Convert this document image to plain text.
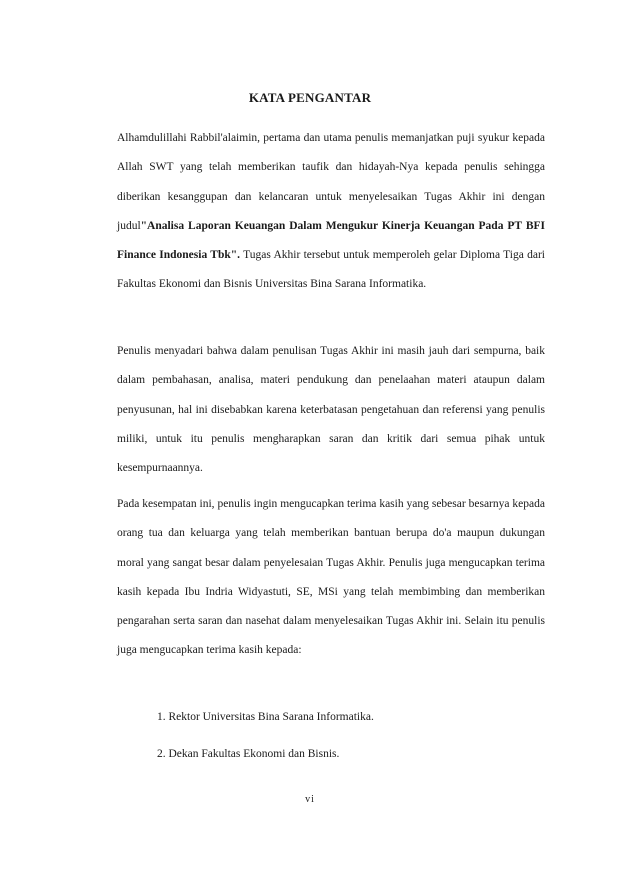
KATA PENGANTAR

Alhamdulillahi Rabbil'alaimin, pertama dan utama penulis memanjatkan puji syukur kepada Allah SWT yang telah memberikan taufik dan hidayah-Nya kepada penulis sehingga diberikan kesanggupan dan kelancaran untuk menyelesaikan Tugas Akhir ini dengan judul"Analisa Laporan Keuangan Dalam Mengukur Kinerja Keuangan Pada PT BFI Finance Indonesia Tbk". Tugas Akhir tersebut untuk memperoleh gelar Diploma Tiga dari Fakultas Ekonomi dan Bisnis Universitas Bina Sarana Informatika.

Penulis menyadari bahwa dalam penulisan Tugas Akhir ini masih jauh dari sempurna, baik dalam pembahasan, analisa, materi pendukung dan penelaahan materi ataupun dalam penyusunan, hal ini disebabkan karena keterbatasan pengetahuan dan referensi yang penulis miliki, untuk itu penulis mengharapkan saran dan kritik dari semua pihak untuk kesempurnaannya.

Pada kesempatan ini, penulis ingin mengucapkan terima kasih yang sebesar besarnya kepada orang tua dan keluarga yang telah memberikan bantuan berupa do'a maupun dukungan moral yang sangat besar dalam penyelesaian Tugas Akhir. Penulis juga mengucapkan terima kasih kepada Ibu Indria Widyastuti, SE, MSi yang telah membimbing dan memberikan pengarahan serta saran dan nasehat dalam menyelesaikan Tugas Akhir ini. Selain itu penulis juga mengucapkan terima kasih kepada:

1. Rektor Universitas Bina Sarana Informatika.
2. Dekan Fakultas Ekonomi dan Bisnis.
vi
